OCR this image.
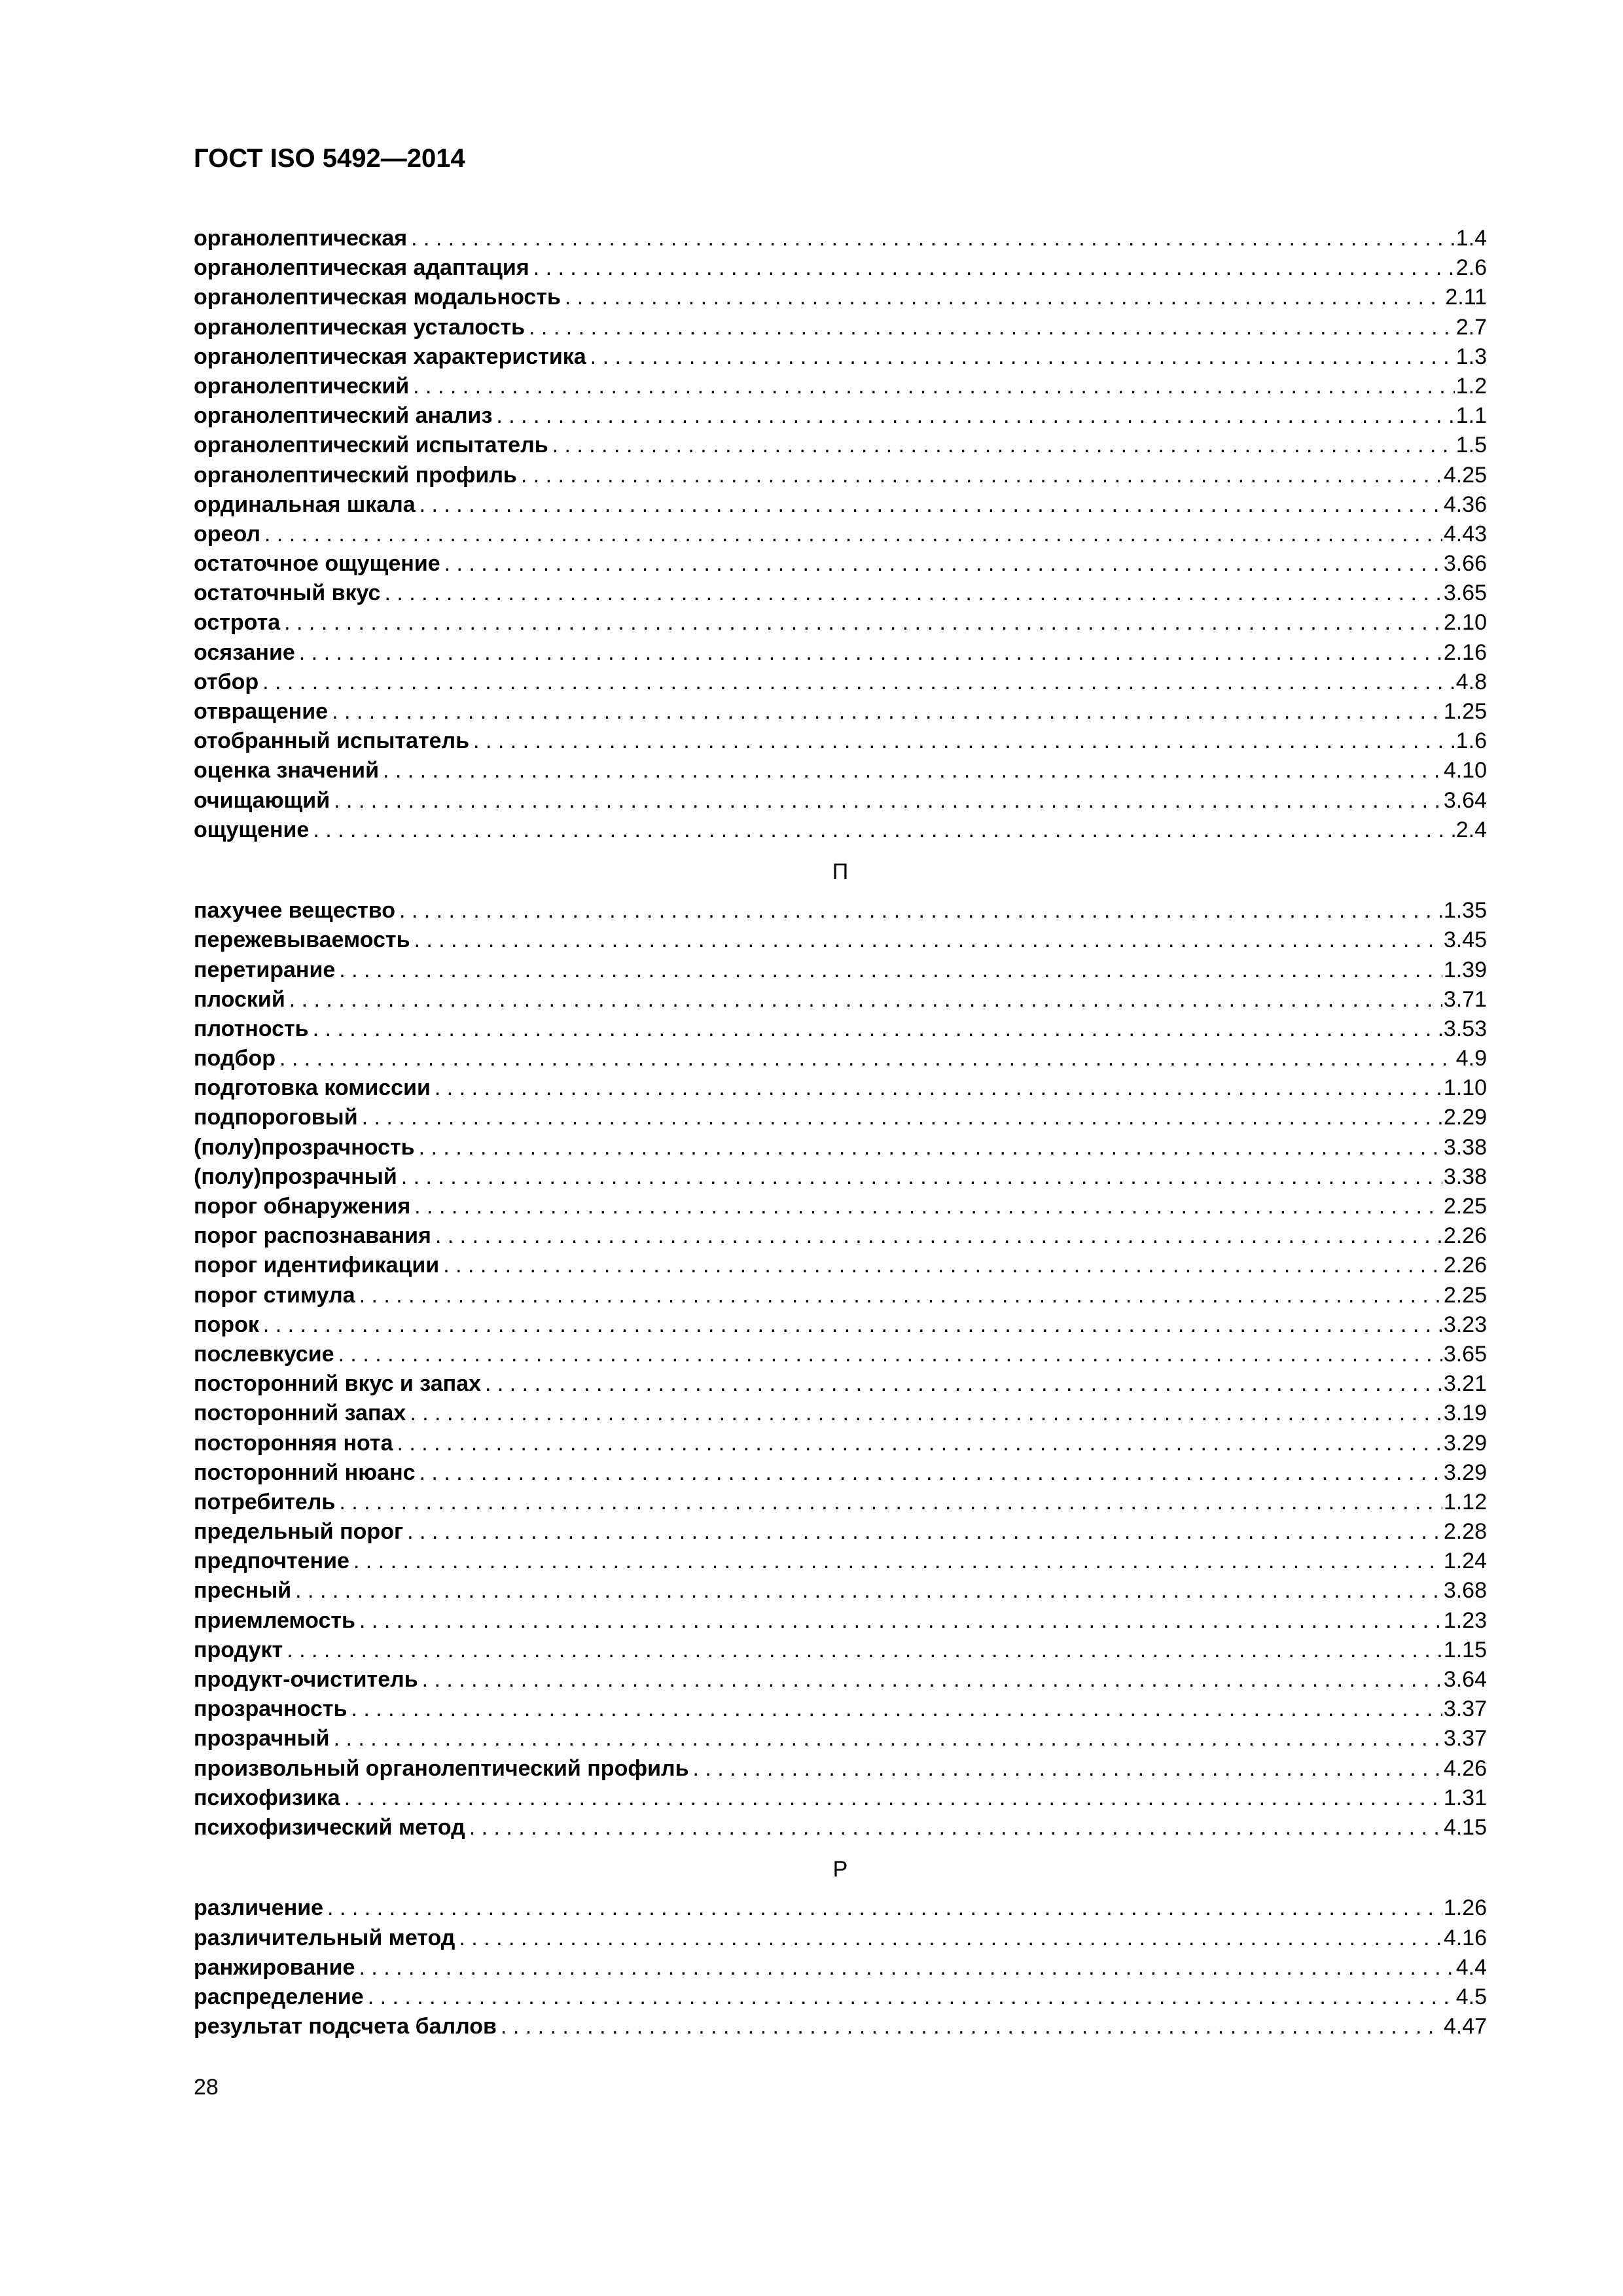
ГОСТ ISO 5492—2014
органолептическая . . .	1.4
органолептическая адаптация . . .	2.6
органолептическая модальность . . .	2.11
органолептическая усталость . . .	2.7
органолептическая характеристика . . .	1.3
органолептический . . .	1.2
органолептический анализ . . .	1.1
органолептический испытатель . . .	1.5
органолептический профиль . . .	4.25
ординальная шкала . . .	4.36
ореол . . .	4.43
остаточное ощущение . . .	3.66
остаточный вкус . . .	3.65
острота . . .	2.10
осязание . . .	2.16
отбор . . .	4.8
отвращение . . .	1.25
отобранный испытатель . . .	1.6
оценка значений . . .	4.10
очищающий . . .	3.64
ощущение . . .	2.4
П
пахучее вещество . . .	1.35
пережевываемость . . .	3.45
перетирание . . .	1.39
плоский . . .	3.71
плотность . . .	3.53
подбор . . .	4.9
подготовка комиссии . . .	1.10
подпороговый . . .	2.29
(полу)прозрачность . . .	3.38
(полу)прозрачный . . .	3.38
порог обнаружения . . .	2.25
порог распознавания . . .	2.26
порог идентификации . . .	2.26
порог стимула . . .	2.25
порок . . .	3.23
послевкусие . . .	3.65
посторонний вкус и запах . . .	3.21
посторонний запах . . .	3.19
посторонняя нота . . .	3.29
посторонний нюанс . . .	3.29
потребитель . . .	1.12
предельный порог . . .	2.28
предпочтение . . .	1.24
пресный . . .	3.68
приемлемость . . .	1.23
продукт . . .	1.15
продукт-очиститель . . .	3.64
прозрачность . . .	3.37
прозрачный . . .	3.37
произвольный органолептический профиль . . .	4.26
психофизика . . .	1.31
психофизический метод . . .	4.15
Р
различение . . .	1.26
различительный метод . . .	4.16
ранжирование . . .	4.4
распределение . . .	4.5
результат подсчета баллов . . .	4.47
28
